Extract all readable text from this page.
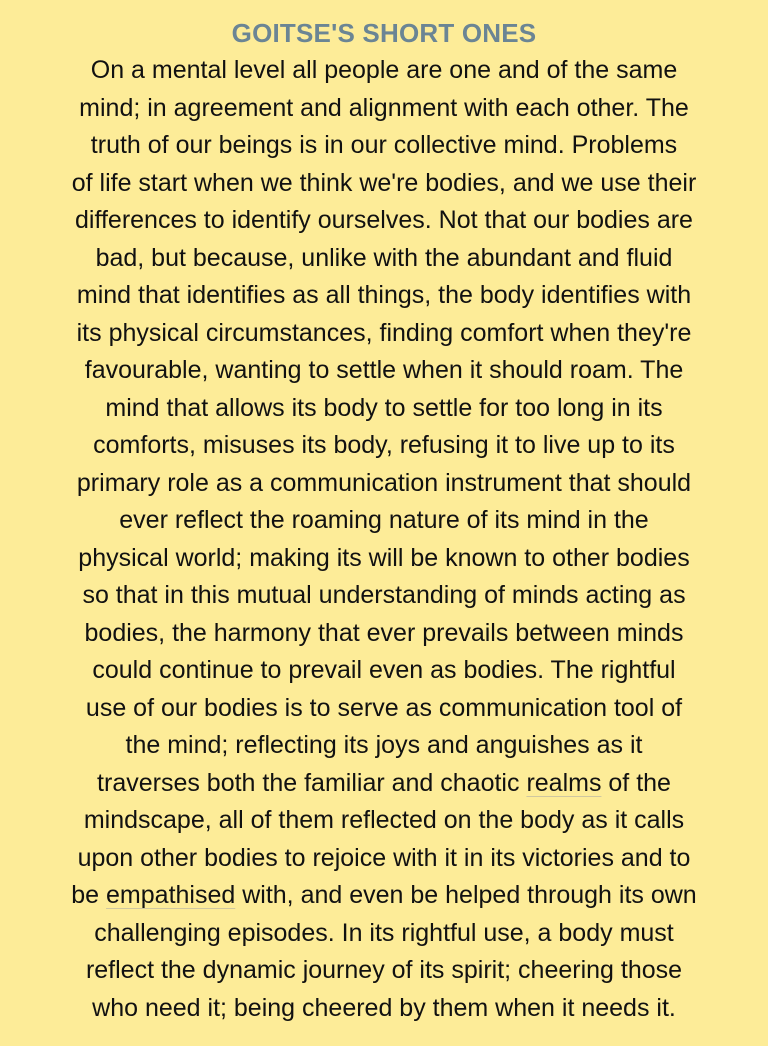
GOITSE'S SHORT ONES
On a mental level all people are one and of the same
mind; in agreement and alignment with each other. The
truth of our beings is in our collective mind. Problems
of life start when we think we're bodies, and we use their
differences to identify ourselves. Not that our bodies are
bad, but because, unlike with the abundant and fluid
mind that identifies as all things, the body identifies with
its physical circumstances, finding comfort when they're
favourable, wanting to settle when it should roam. The
mind that allows its body to settle for too long in its
comforts, misuses its body, refusing it to live up to its
primary role as a communication instrument that should
ever reflect the roaming nature of its mind in the
physical world; making its will be known to other bodies
so that in this mutual understanding of minds acting as
bodies, the harmony that ever prevails between minds
could continue to prevail even as bodies. The rightful
use of our bodies is to serve as communication tool of
the mind; reflecting its joys and anguishes as it
traverses both the familiar and chaotic realms of the
mindscape, all of them reflected on the body as it calls
upon other bodies to rejoice with it in its victories and to
be empathised with, and even be helped through its own
challenging episodes. In its rightful use, a body must
reflect the dynamic journey of its spirit; cheering those
who need it; being cheered by them when it needs it.
